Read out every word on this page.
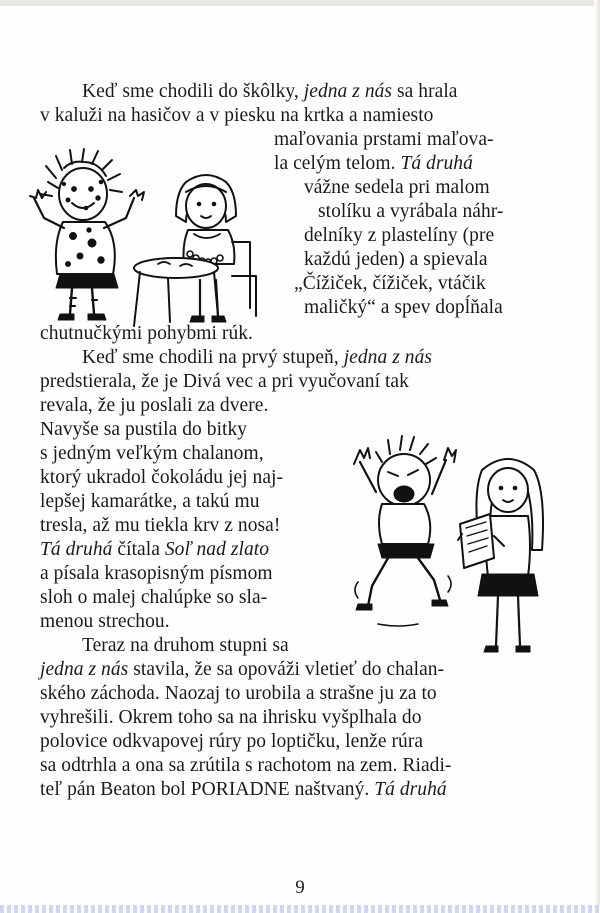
Keď sme chodili do škôlky, jedna z nás sa hrala
v kaluži na hasičov a v piesku na krtka a namiesto
maľovania prstami maľova-
la celým telom. Tá druhá
vážne sedela pri malom
stolíku a vyrábala náhr-
delníky z plastelíny (pre
každú jeden) a spievala
„Čížiček, čížiček, vtáčik
maličký“ a spev dopĺňala
chutnučkými pohybmi rúk.
Keď sme chodili na prvý stupeň, jedna z nás
predstierala, že je Divá vec a pri vyučovaní tak
revala, že ju poslali za dvere.
Navyše sa pustila do bitky
s jedným veľkým chalanom,
ktorý ukradol čokoládu jej naj-
lepšej kamarátke, a takú mu
tresla, až mu tiekla krv z nosa!
Tá druhá čítala Soľ nad zlato
a písala krasopisným písmom
sloh o malej chalúpke so sla-
menou strechou.
Teraz na druhom stupni sa
jedna z nás stavila, že sa opováži vletieť do chalan-
ského záchoda. Naozaj to urobila a strašne ju za to
vyhrešili. Okrem toho sa na ihrisku vyšplhala do
polovice odkvapovej rúry po loptičku, lenže rúra
sa odtrhla a ona sa zrútila s rachotom na zem. Riadi-
teľ pán Beaton bol PORIADNE naštvaný. Tá druhá
9
